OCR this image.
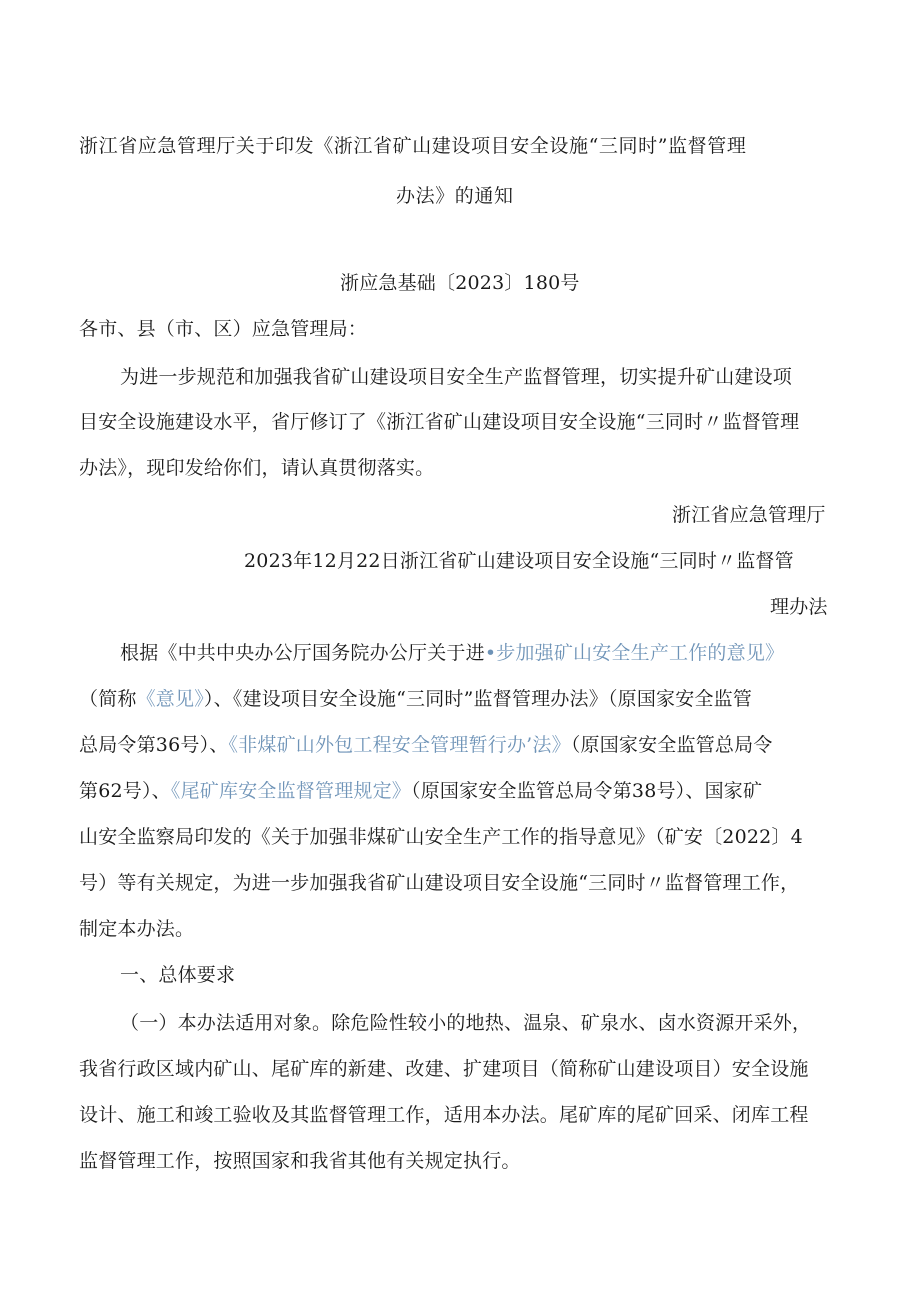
浙江省应急管理厅关于印发《浙江省矿山建设项目安全设施“三同时”监督管理
办法》的通知
浙应急基础〔2023〕180号
各市、县（市、区）应急管理局：
为进一步规范和加强我省矿山建设项目安全生产监督管理，切实提升矿山建设项
目安全设施建设水平，省厅修订了《浙江省矿山建设项目安全设施“三同时〃监督管理
办法》，现印发给你们，请认真贯彻落实。
浙江省应急管理厅
2023年12月22日浙江省矿山建设项目安全设施“三同时〃监督管
理办法
根据《中共中央办公厅国务院办公厅关于进•步加强矿山安全生产工作的意见》
（简称《意见》）、《建设项目安全设施“三同时”监督管理办法》（原国家安全监管
总局令第36号）、《非煤矿山外包工程安全管理暂行办’法》（原国家安全监管总局令
第62号）、《尾矿库安全监督管理规定》（原国家安全监管总局令第38号）、国家矿
山安全监察局印发的《关于加强非煤矿山安全生产工作的指导意见》（矿安〔2022〕4
号）等有关规定，为进一步加强我省矿山建设项目安全设施“三同时〃监督管理工作，
制定本办法。
一、总体要求
（一）本办法适用对象。除危险性较小的地热、温泉、矿泉水、卤水资源开采外，
我省行政区域内矿山、尾矿库的新建、改建、扩建项目（简称矿山建设项目）安全设施
设计、施工和竣工验收及其监督管理工作，适用本办法。尾矿库的尾矿回采、闭库工程
监督管理工作，按照国家和我省其他有关规定执行。
